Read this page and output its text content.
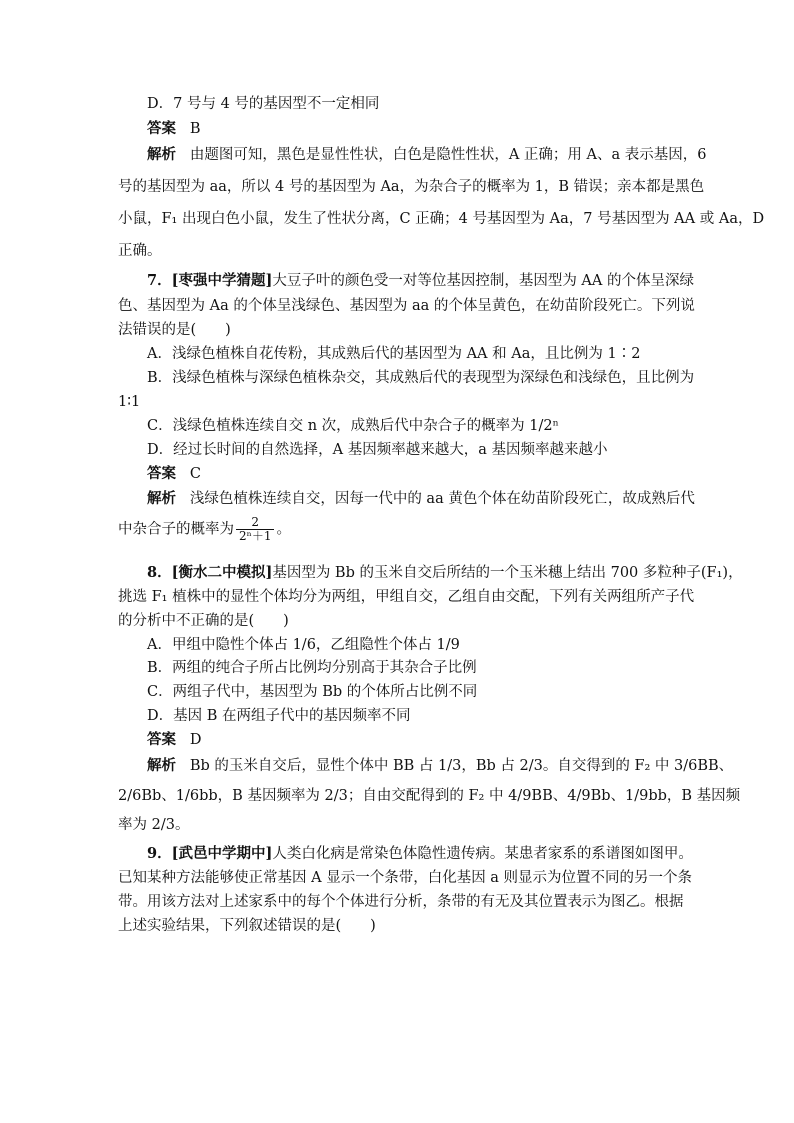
D．7 号与 4 号的基因型不一定相同
答案 B
解析 由题图可知，黑色是显性性状，白色是隐性性状，A 正确；用 A、a 表示基因，6
号的基因型为 aa，所以 4 号的基因型为 Aa，为杂合子的概率为 1，B 错误；亲本都是黑色
小鼠，F₁ 出现白色小鼠，发生了性状分离，C 正确；4 号基因型为 Aa，7 号基因型为 AA 或 Aa，D
正确。
7．[枣强中学猜题]大豆子叶的颜色受一对等位基因控制，基因型为 AA 的个体呈深绿
色、基因型为 Aa 的个体呈浅绿色、基因型为 aa 的个体呈黄色，在幼苗阶段死亡。下列说
法错误的是(　　)
A．浅绿色植株自花传粉，其成熟后代的基因型为 AA 和 Aa，且比例为 1∶2
B．浅绿色植株与深绿色植株杂交，其成熟后代的表现型为深绿色和浅绿色，且比例为
1∶1
C．浅绿色植株连续自交 n 次，成熟后代中杂合子的概率为 1/2ⁿ
D．经过长时间的自然选择，A 基因频率越来越大，a 基因频率越来越小
答案 C
解析 浅绿色植株连续自交，因每一代中的 aa 黄色个体在幼苗阶段死亡，故成熟后代
中杂合子的概率为 $\frac{2}{\text{2ⁿ＋1}}$ 。
8．[衡水二中模拟]基因型为 Bb 的玉米自交后所结的一个玉米穗上结出 700 多粒种子(F₁)，
挑选 F₁ 植株中的显性个体均分为两组，甲组自交，乙组自由交配，下列有关两组所产子代
的分析中不正确的是(　　)
A．甲组中隐性个体占 1/6，乙组隐性个体占 1/9
B．两组的纯合子所占比例均分别高于其杂合子比例
C．两组子代中，基因型为 Bb 的个体所占比例不同
D．基因 B 在两组子代中的基因频率不同
答案 D
解析 Bb 的玉米自交后，显性个体中 BB 占 1/3，Bb 占 2/3。自交得到的 F₂ 中 3/6BB、
2/6Bb、1/6bb，B 基因频率为 2/3；自由交配得到的 F₂ 中 4/9BB、4/9Bb、1/9bb，B 基因频
率为 2/3。
9．[武邑中学期中]人类白化病是常染色体隐性遗传病。某患者家系的系谱图如图甲。
已知某种方法能够使正常基因 A 显示一个条带，白化基因 a 则显示为位置不同的另一个条
带。用该方法对上述家系中的每个个体进行分析，条带的有无及其位置表示为图乙。根据
上述实验结果，下列叙述错误的是(　　)
